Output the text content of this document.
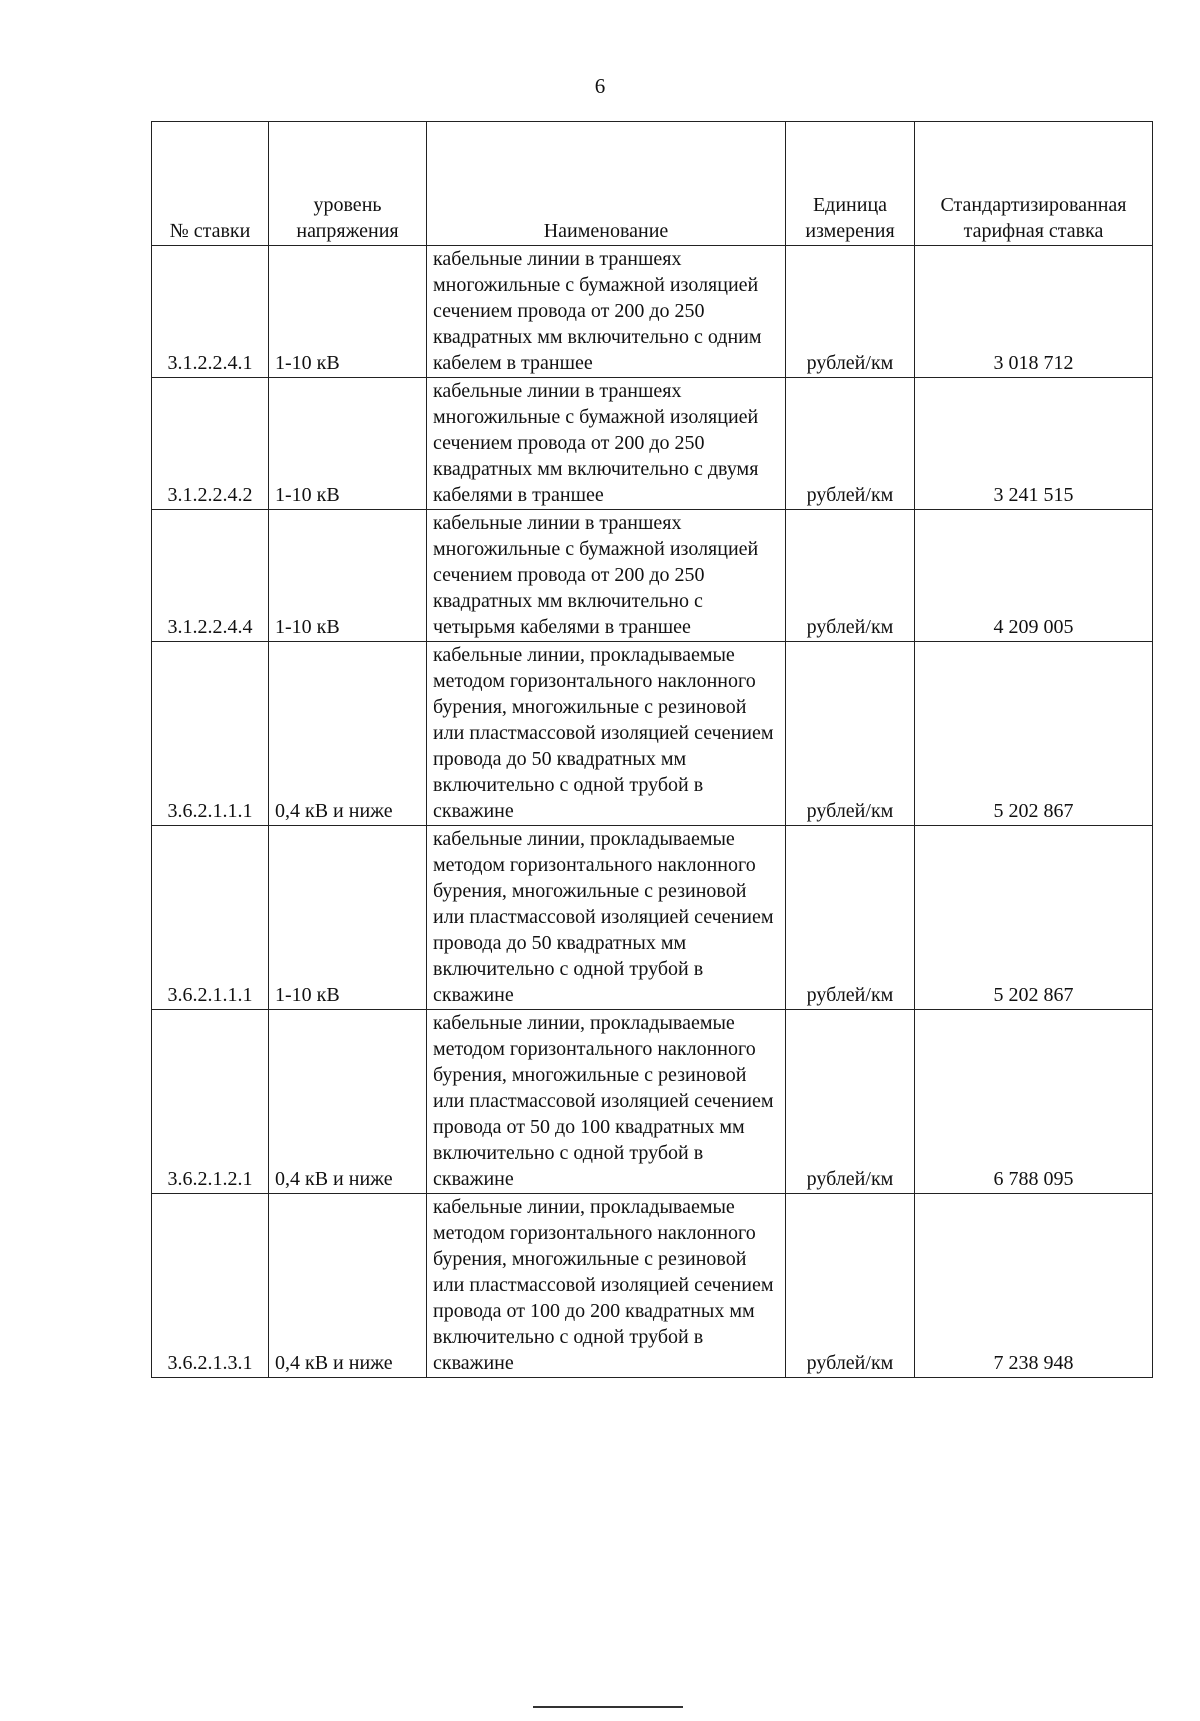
6
№ ставки	уровень напряжения	Наименование	Единица измерения	Стандартизированная тарифная ставка
3.1.2.2.4.1	1-10 кВ	кабельные линии в траншеях многожильные с бумажной изоляцией сечением провода от 200 до 250 квадратных мм включительно с одним кабелем в траншее	рублей/км	3 018 712
3.1.2.2.4.2	1-10 кВ	кабельные линии в траншеях многожильные с бумажной изоляцией сечением провода от 200 до 250 квадратных мм включительно с двумя кабелями в траншее	рублей/км	3 241 515
3.1.2.2.4.4	1-10 кВ	кабельные линии в траншеях многожильные с бумажной изоляцией сечением провода от 200 до 250 квадратных мм включительно с четырьмя кабелями в траншее	рублей/км	4 209 005
3.6.2.1.1.1	0,4 кВ и ниже	кабельные линии, прокладываемые методом горизонтального наклонного бурения, многожильные с резиновой или пластмассовой изоляцией сечением провода до 50 квадратных мм включительно с одной трубой в скважине	рублей/км	5 202 867
3.6.2.1.1.1	1-10 кВ	кабельные линии, прокладываемые методом горизонтального наклонного бурения, многожильные с резиновой или пластмассовой изоляцией сечением провода до 50 квадратных мм включительно с одной трубой в скважине	рублей/км	5 202 867
3.6.2.1.2.1	0,4 кВ и ниже	кабельные линии, прокладываемые методом горизонтального наклонного бурения, многожильные с резиновой или пластмассовой изоляцией сечением провода от 50 до 100 квадратных мм включительно с одной трубой в скважине	рублей/км	6 788 095
3.6.2.1.3.1	0,4 кВ и ниже	кабельные линии, прокладываемые методом горизонтального наклонного бурения, многожильные с резиновой или пластмассовой изоляцией сечением провода от 100 до 200 квадратных мм включительно с одной трубой в скважине	рублей/км	7 238 948
